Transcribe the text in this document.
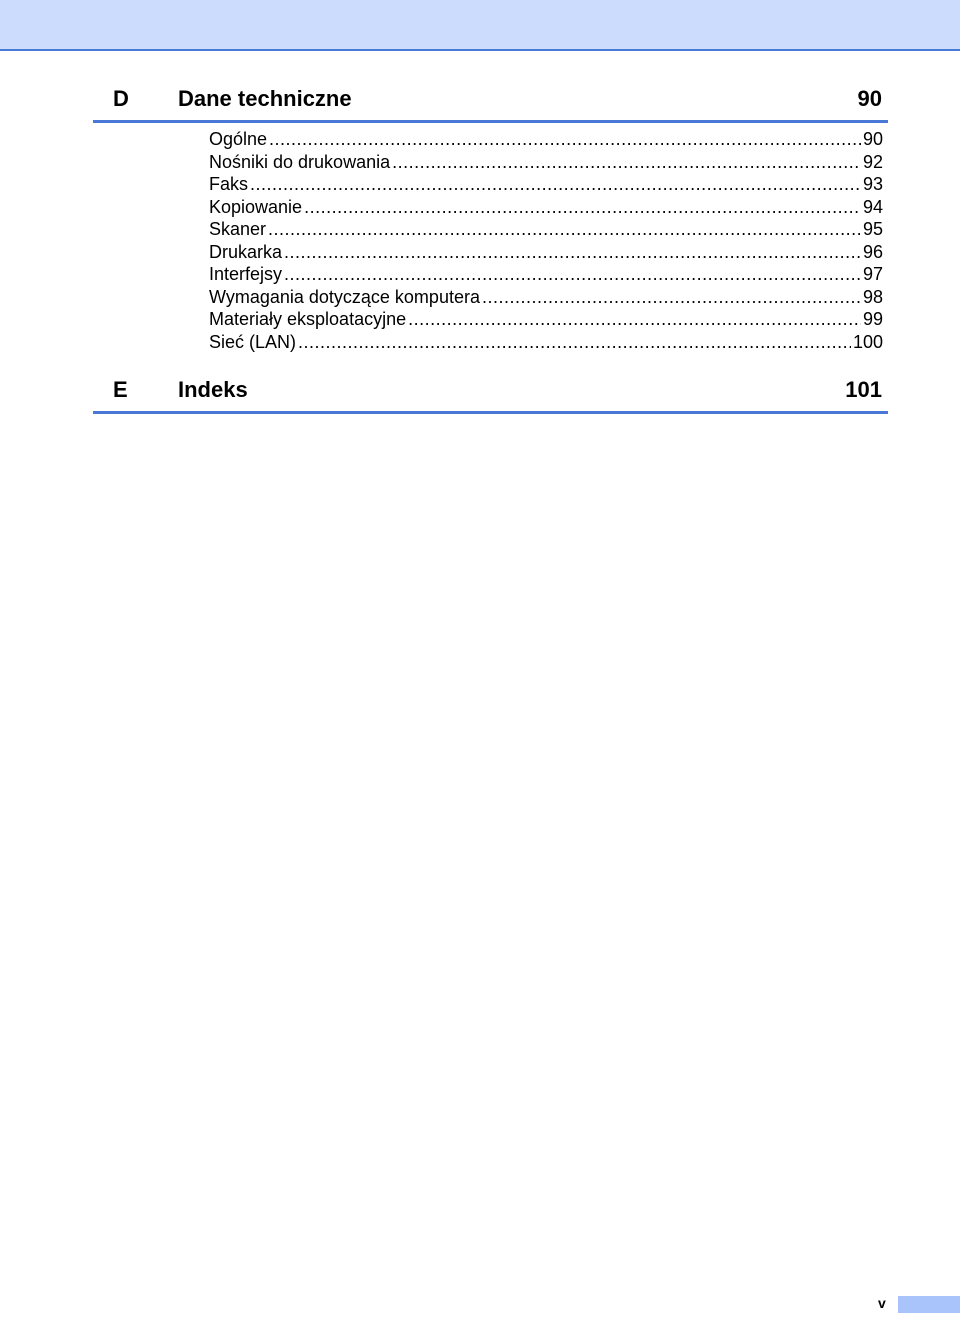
D Dane techniczne	90
Ogólne .....	90
Nośniki do drukowania .....	92
Faks .....	93
Kopiowanie .....	94
Skaner .....	95
Drukarka .....	96
Interfejsy .....	97
Wymagania dotyczące komputera .....	98
Materiały eksploatacyjne .....	99
Sieć (LAN) .....	100
E Indeks	101
v
